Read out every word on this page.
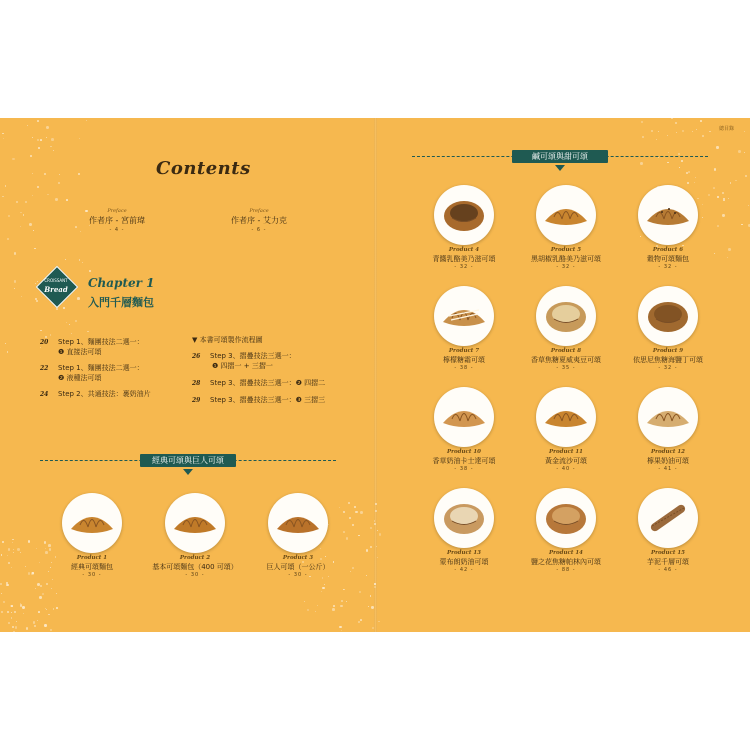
總目錄
Contents
Preface
作者序 - 宮前瑋
- 4 -
Preface
作者序 - 艾力克
- 6 -
CROISSANT
Bread	Chapter 1
入門千層麵包
20 Step 1、麵團技法二選一：
❶ 直接法可頌
22 Step 1、麵團技法二選一：
❷ 液種法可頌
24 Step 2、共通技法：裹奶油片
▼ 本書可頌製作流程圖
26 Step 3、摺疊技法三選一：
❶ 四摺一 + 三摺一
28 Step 3、摺疊技法三選一：❷ 四摺二
29 Step 3、摺疊技法三選一：❸ 三摺三
經典可頌與巨人可頌
鹹可頌與甜可頌
Product 1
經典可頌麵包
- 30 -
Product 2
基本可頌麵包（400 可頌）
- 30 -
Product 3
巨人可頌（一公斤）
- 30 -
Product 4
青醬乳酪美乃滋可頌
- 32 -
Product 5
黑胡椒乳酪美乃滋可頌
- 32 -
Product 6
穀物可頌麵包
- 32 -
Product 7
檸檬糖霜可頌
- 38 -
Product 8
香草焦糖夏威夷豆可頌
- 35 -
Product 9
依思尼焦糖海鹽丁可頌
- 32 -
Product 10
香草奶油卡士達可頌
- 38 -
Product 11
黃金流沙可頌
- 40 -
Product 12
檸果奶油可頌
- 41 -
Product 13
蒙布朗奶油可頌
- 42 -
Product 14
鹽之花焦糖帕林內可頌
- 88 -
Product 15
芋泥千層可頌
- 46 -
